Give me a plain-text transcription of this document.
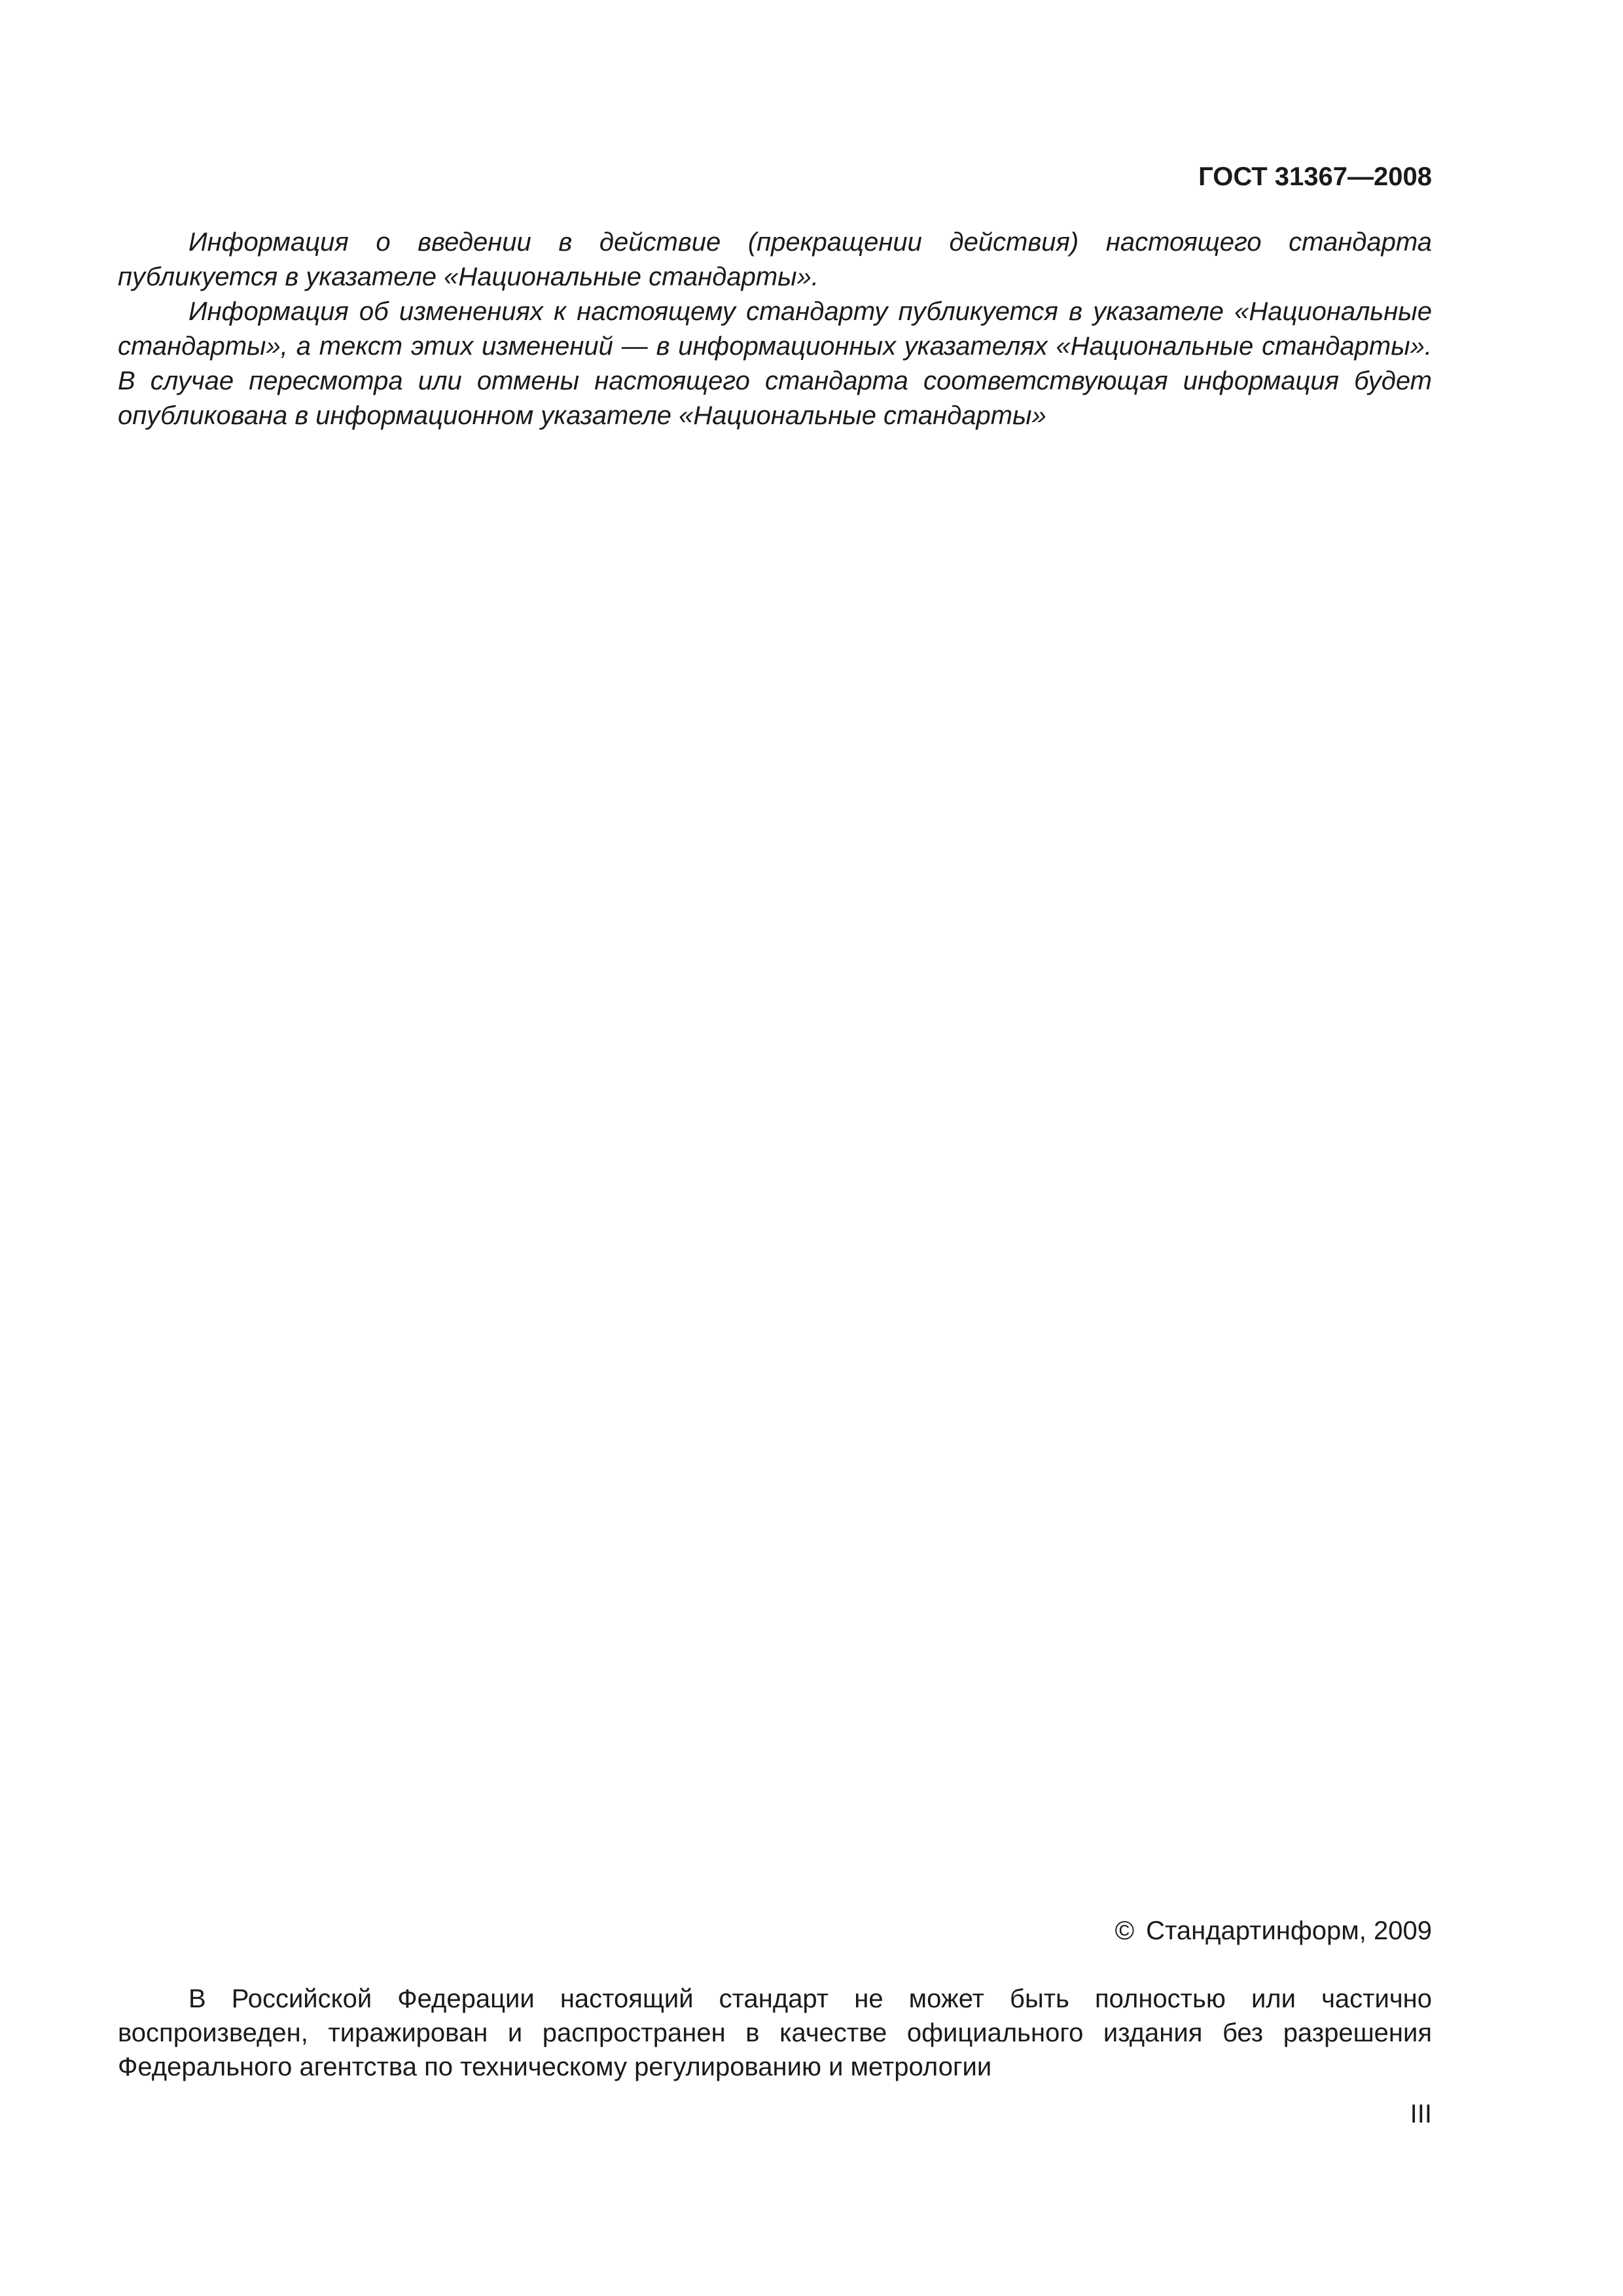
ГОСТ 31367—2008

Информация о введении в действие (прекращении действия) настоящего стандарта публикуется в указателе «Национальные стандарты».

Информация об изменениях к настоящему стандарту публикуется в указателе «Национальные стандарты», а текст этих изменений — в информационных указателях «Национальные стандарты». В случае пересмотра или отмены настоящего стандарта соответствующая информация будет опубликована в информационном указателе «Национальные стандарты»

© Стандартинформ, 2009

В Российской Федерации настоящий стандарт не может быть полностью или частично воспроизведен, тиражирован и распространен в качестве официального издания без разрешения Федерального агентства по техническому регулированию и метрологии

III
